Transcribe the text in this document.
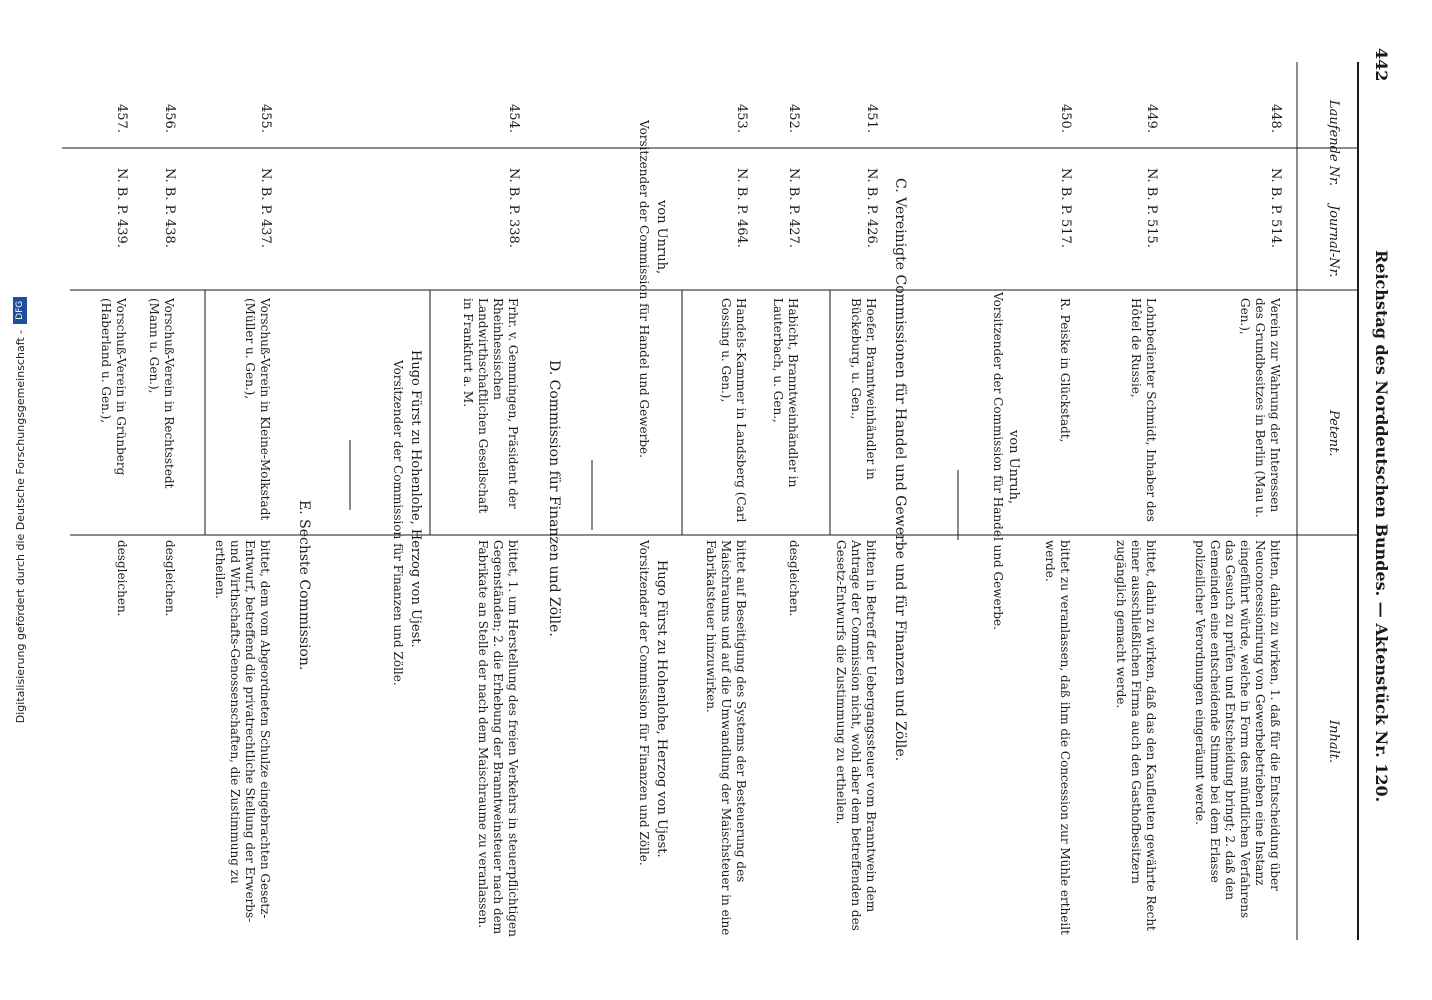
442
Reichstag des Norddeutschen Bundes. — Aktenstück Nr. 120.
Laufende Nr.
Journal-Nr.
Petent.
Inhalt.
448.
N. B. P. 514.
Verein zur Wahrung der Interessen des Grundbesitzes in Berlin (Mau u. Gen.),
bitten, dahin zu wirken, 1. daß für die Entscheidung über Neuconcessionirung von Gewerbebetrieben eine Instanz eingeführt würde, welche in Form des mündlichen Verfahrens das Gesuch zu prüfen und Entscheidung bringt; 2. daß den Gemeinden eine entscheidende Stimme bei dem Erlasse polizeilicher Verordnungen eingeräumt werde.
449.
N. B. P. 515.
Lohnbedienter Schmidt, Inhaber des Hôtel de Russie,
bittet, dahin zu wirken, daß das den Kaufleuten gewährte Recht einer ausschließlichen Firma auch den Gasthofbesitzern zugänglich gemacht werde.
450.
N. B. P. 517.
R. Peiske in Glückstadt,
bittet zu veranlassen, daß ihm die Concession zur Mühle ertheilt werde.
von Unruh,
Vorsitzender der Commission für Handel und Gewerbe.
C. Vereinigte Commissionen für Handel und Gewerbe und für Finanzen und Zölle.
451.
N. B. P. 426.
Hoefer, Branntweinhändler in Bückeburg, u. Gen.,
bitten in Betreff der Uebergangssteuer vom Branntwein dem Antrage der Commission nicht, wohl aber dem betreffenden des Gesetz-Entwurfs die Zustimmung zu ertheilen.
452.
N. B. P. 427.
Habicht, Branntweinhändler in Lauterbach, u. Gen.,
desgleichen.
453.
N. B. P. 464.
Handels-Kammer in Landsberg (Carl Gossing u. Gen.),
bittet auf Beseitigung des Systems der Besteuerung des Maischraums und auf die Umwandlung der Maischsteuer in eine Fabrikatsteuer hinzuwirken.
von Unruh,
Vorsitzender der Commission für Handel und Gewerbe.
Hugo Fürst zu Hohenlohe, Herzog von Ujest.
Vorsitzender der Commission für Finanzen und Zölle.
D. Commission für Finanzen und Zölle.
454.
N. B. P. 338.
Frhr. v. Gemmingen, Präsident der Rheinhessischen Landwirthschaftlichen Gesellschaft in Frankfurt a. M.
bittet, 1. um Herstellung des freien Verkehrs in steuerpflichtigen Gegenständen; 2. die Erhebung der Branntweinsteuer nach dem Fabrikate an Stelle der nach dem Maischraume zu veranlassen.
Hugo Fürst zu Hohenlohe, Herzog von Ujest.
Vorsitzender der Commission für Finanzen und Zölle.
E. Sechste Commission.
455.
N. B. P. 437.
Vorschuß-Verein in Kleine-Molkstadt (Müller u. Gen.),
bittet, dem vom Abgeordneten Schulze eingebrachten Gesetz-Entwurf, betreffend die privatrechtliche Stellung der Erwerbs- und Wirthschafts-Genossenschaften, die Zustimmung zu ertheilen.
456.
N. B. P. 438.
Vorschuß-Verein in Rechtsstedt (Mann u. Gen.),
desgleichen.
457.
N. B. P. 439.
Vorschuß-Verein in Grünberg (Haberland u. Gen.),
desgleichen.
Digitalisierung gefördert durch die Deutsche Forschungsgemeinschaft -
DFG
